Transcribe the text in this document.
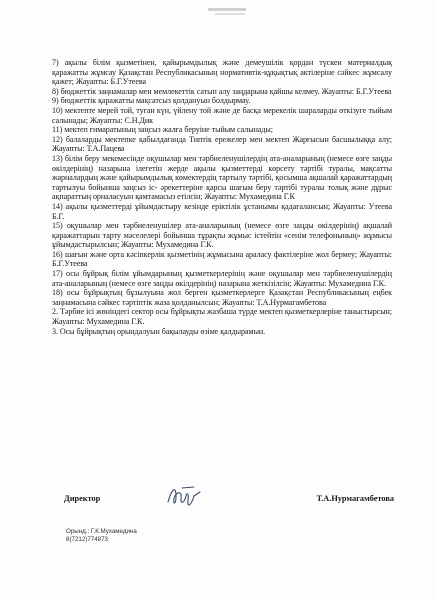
7) ақылы білім қызметінен, қайырымдылық және демеушілік қордан түскен материалдық қаражатты жұмсау Қазақстан Республикасының нормативтік-құқықтық актілеріне сәйкес жұмсалу қажет; Жауапты: Б.Г.Утеева

8) бюджеттік заңнамалар мен мемлекеттік сатып алу заңдарына қайшы келмеу. Жауапты: Б.Г.Утеева

9) бюджеттік қаражатты мақсатсыз қолдануын болдырмау.

10) мектепте мерей той, туған күн, үйлену той және де басқа мерекелік шараларды өткізуге тыйым салынады; Жауапты: С.Н.Дик

11) мектеп ғимаратының заңсыз жалға беруіне тыйым салынады;

12) балаларды мектепке қабылдағанда Типтік ережелер мен мектеп Жарғысын басшылыққа алу; Жауапты: Т.А.Пацева

13) білім беру мекемесінде оқушылар мен тәрбиеленушілердің ата-аналарының (немесе өзге заңды өкілдерінің) назарына ілегетін жерде ақылы қызметтерді көрсету тәртібі туралы, мақсатты жарналардың және қайырымдылық көмектердің тартылу тәртібі, қосымша ақшалай қаражаттардың тартылуы бойынша заңсыз іс- әрекеттеріне қарсы шағым беру тәртібі туралы толық және дұрыс ақпараттың орналасуын қамтамасыз етілсін; Жауапты: Мухамедина Г.К

14) ақылы қызметтерді ұйымдастыру кезінде еріктілік ұстанымы қадағалансын; Жауапты: Утеева Б.Г.

15) оқушылар мен тәрбиеленушілер ата-аналарының (немесе өзге заңды өкілдерінің) ақшалай қаражаттарын тарту мәселелері бойынша тұрақты жұмыс істейтін «сенім телефонының» жұмысы ұйымдастырылсын; Жауапты: Мухамедина Г.К.

16) шағын және орта кәсіпкерлік қызметінің жұмысына араласу фактілеріне жол бермеу; Жауапты: Б.Г.Утеева

17) осы бұйрық білім ұйымдарының қызметкерлерінің және оқушылар мен тәрбиеленушілердің ата-аналарының (немесе өзге заңды өкілдерінің) назарына жеткізілсін; Жауапты: Мухамедина Г.К.

18) осы бұйрықтың бұзылуына жол берген қызметкерлерге Қазақстан Республикасының еңбек заңнамасына сәйкес тәртіптік жаза қолданылсын; Жауапты: Т.А.Нурмагамбетова

2. Тәрбие ісі жөніндегі сектор осы бұйрықты жазбаша түрде мектеп қызметкерлеріне таныстырсын; Жауапты: Мухамедина Г.К.

3. Осы бұйрықтың орындалуын бақылауды өзіме қалдырамын.

Директор	Т.А.Нурмагамбетова
Орынд.: Г.К.Мухамедина
8(7212)774873
